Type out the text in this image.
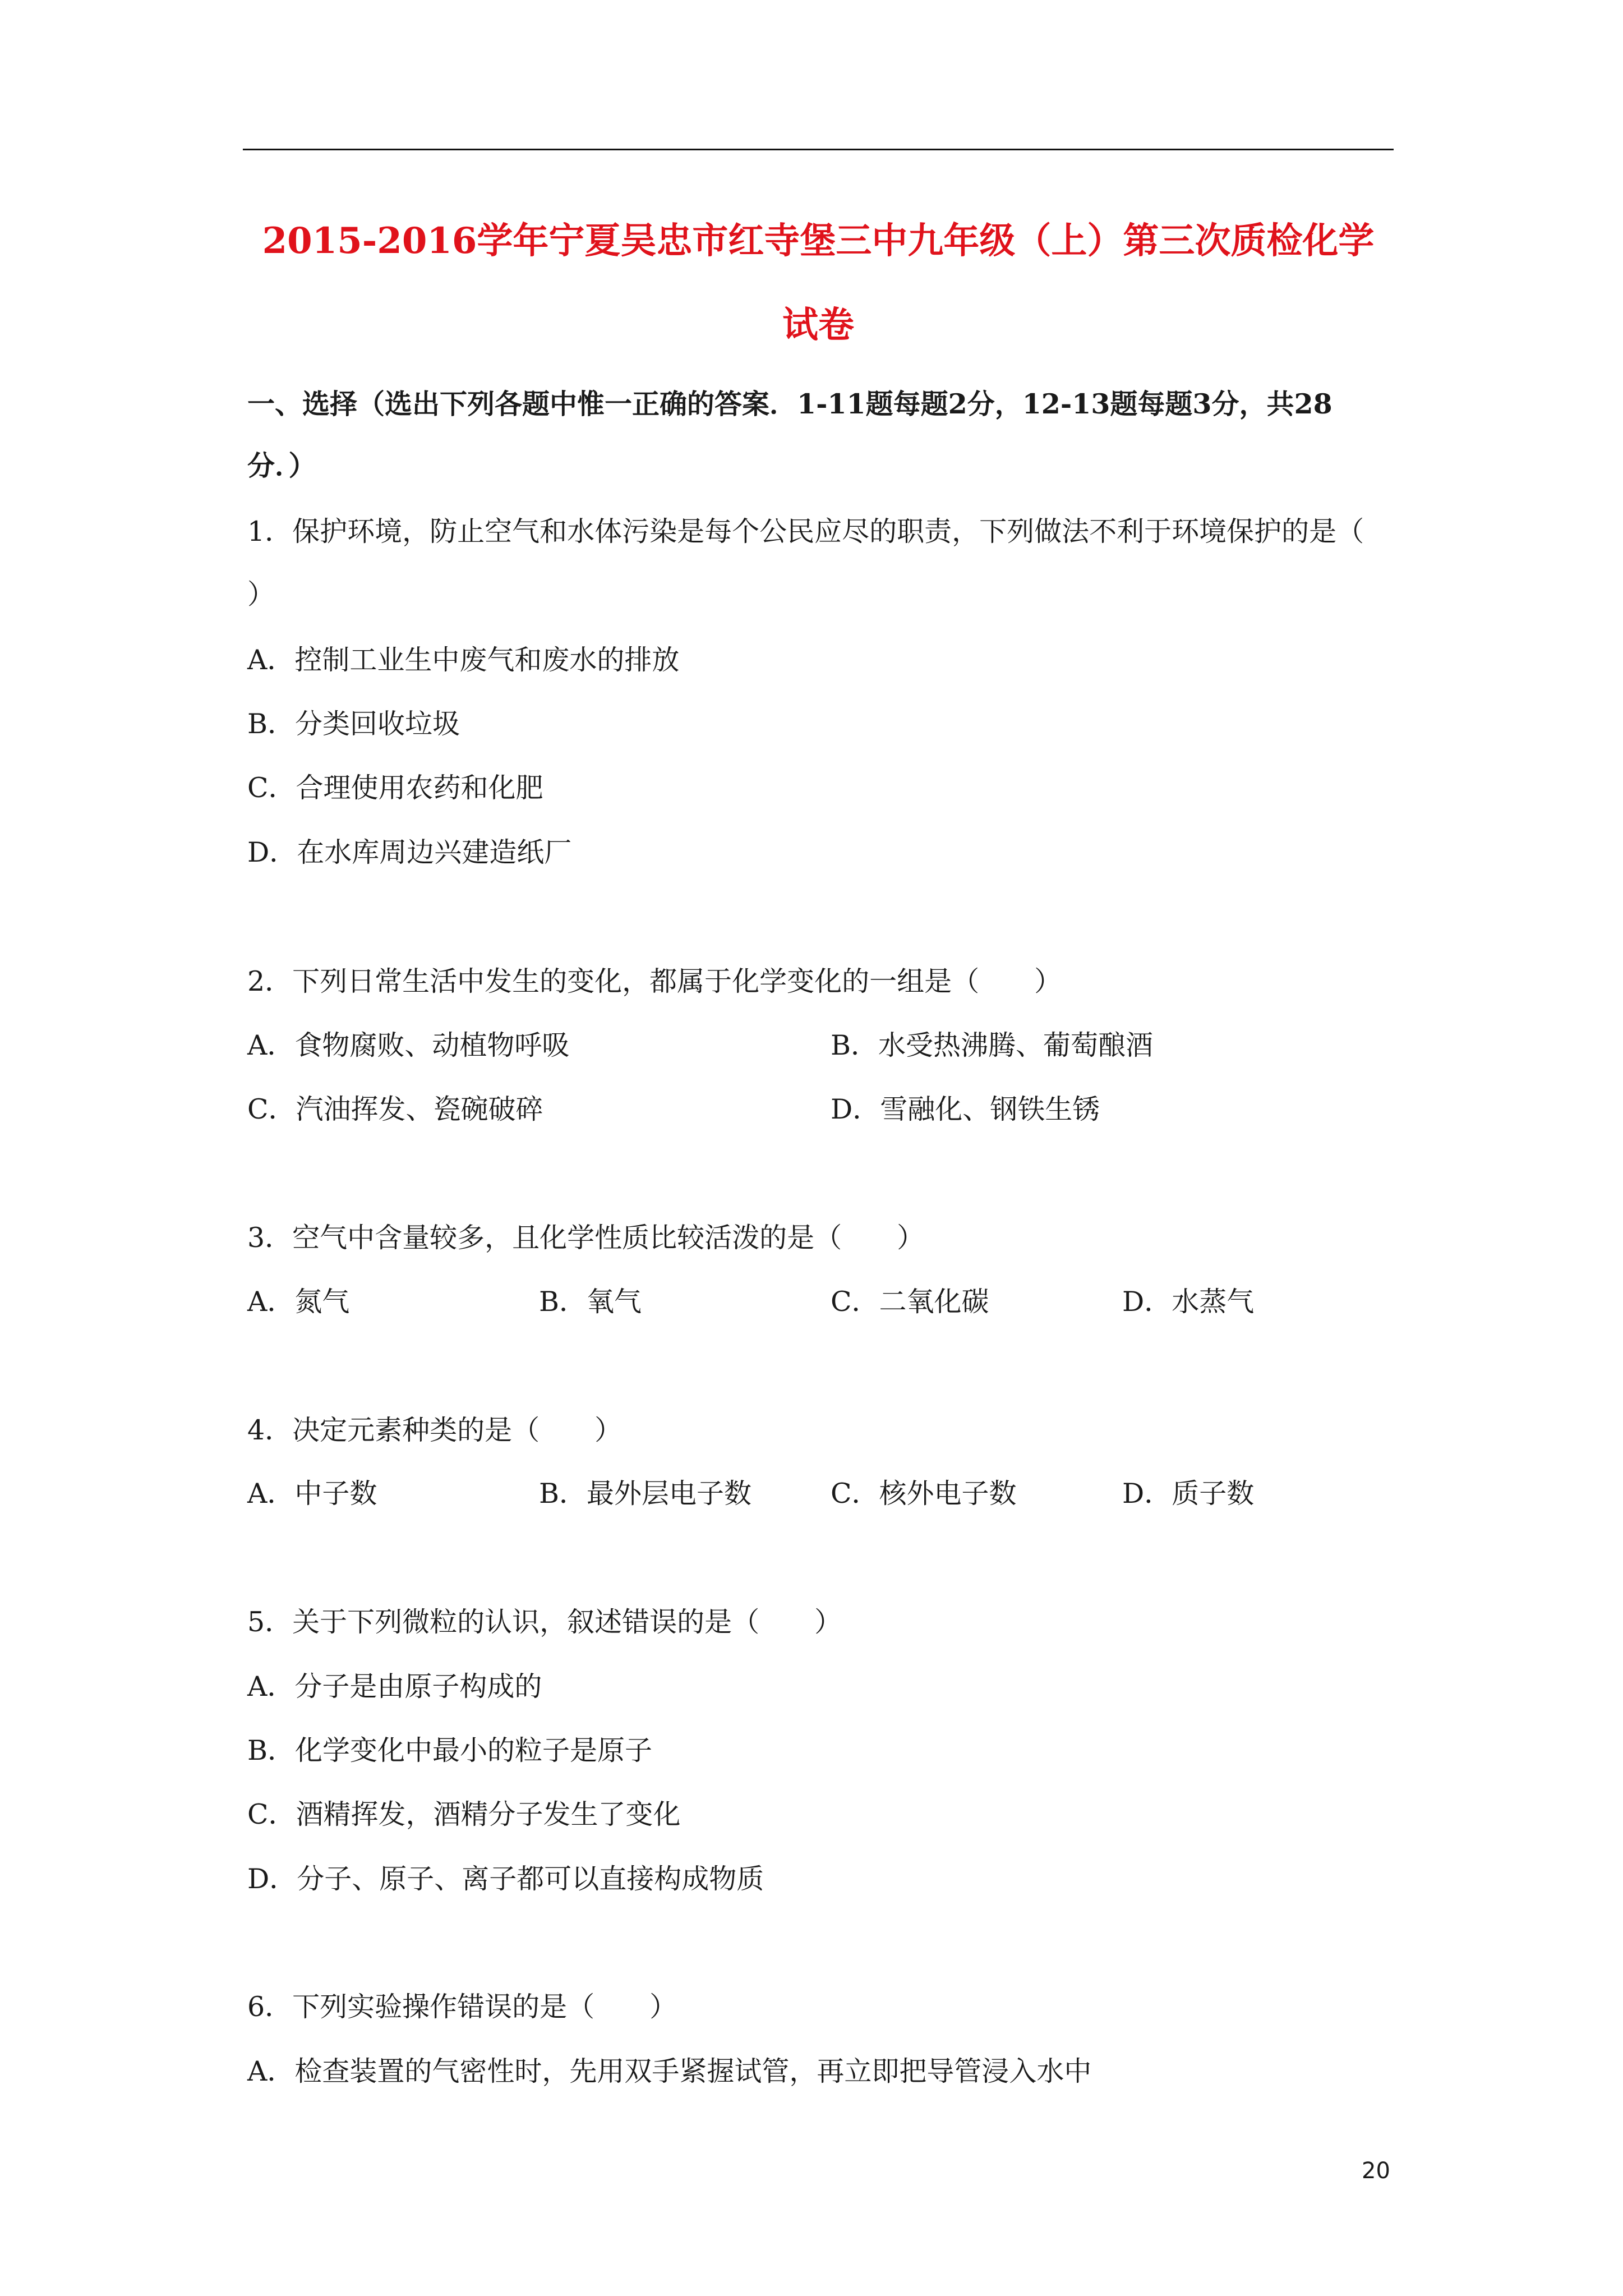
2015-2016学年宁夏吴忠市红寺堡三中九年级（上）第三次质检化学
试卷
一、选择（选出下列各题中惟一正确的答案．1-11题每题2分，12-13题每题3分，共28
分．）
1．保护环境，防止空气和水体污染是每个公民应尽的职责，下列做法不利于环境保护的是（
）
A．控制工业生中废气和废水的排放
B．分类回收垃圾
C．合理使用农药和化肥
D．在水库周边兴建造纸厂
2．下列日常生活中发生的变化，都属于化学变化的一组是（　　）
A．食物腐败、动植物呼吸	B．水受热沸腾、葡萄酿酒
C．汽油挥发、瓷碗破碎	D．雪融化、钢铁生锈
3．空气中含量较多，且化学性质比较活泼的是（　　）
A．氮气	B．氧气	C．二氧化碳	D．水蒸气
4．决定元素种类的是（　　）
A．中子数	B．最外层电子数	C．核外电子数	D．质子数
5．关于下列微粒的认识，叙述错误的是（　　）
A．分子是由原子构成的
B．化学变化中最小的粒子是原子
C．酒精挥发，酒精分子发生了变化
D．分子、原子、离子都可以直接构成物质
6．下列实验操作错误的是（　　）
A．检查装置的气密性时，先用双手紧握试管，再立即把导管浸入水中
20
